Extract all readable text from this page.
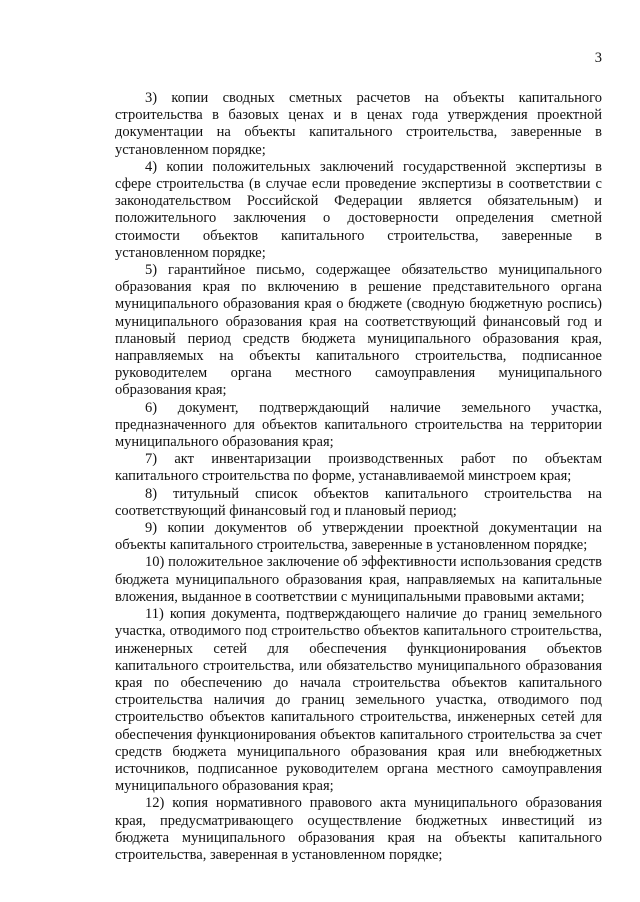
3

3) копии сводных сметных расчетов на объекты капитального строительства в базовых ценах и в ценах года утверждения проектной документации на объекты капитального строительства, заверенные в установленном порядке;

4) копии положительных заключений государственной экспертизы в сфере строительства (в случае если проведение экспертизы в соответствии с законодательством Российской Федерации является обязательным) и положительного заключения о достоверности определения сметной стоимости объектов капитального строительства, заверенные в установленном порядке;

5) гарантийное письмо, содержащее обязательство муниципального образования края по включению в решение представительного органа муниципального образования края о бюджете (сводную бюджетную роспись) муниципального образования края на соответствующий финансовый год и плановый период средств бюджета муниципального образования края, направляемых на объекты капитального строительства, подписанное руководителем органа местного самоуправления муниципального образования края;

6) документ, подтверждающий наличие земельного участка, предназначенного для объектов капитального строительства на территории муниципального образования края;

7) акт инвентаризации производственных работ по объектам капитального строительства по форме, устанавливаемой минстроем края;

8) титульный список объектов капитального строительства на соответствующий финансовый год и плановый период;

9) копии документов об утверждении проектной документации на объекты капитального строительства, заверенные в установленном порядке;

10) положительное заключение об эффективности использования средств бюджета муниципального образования края, направляемых на капитальные вложения, выданное в соответствии с муниципальными правовыми актами;

11) копия документа, подтверждающего наличие до границ земельного участка, отводимого под строительство объектов капитального строительства, инженерных сетей для обеспечения функционирования объектов капитального строительства, или обязательство муниципального образования края по обеспечению до начала строительства объектов капитального строительства наличия до границ земельного участка, отводимого под строительство объектов капитального строительства, инженерных сетей для обеспечения функционирования объектов капитального строительства за счет средств бюджета муниципального образования края или внебюджетных источников, подписанное руководителем органа местного самоуправления муниципального образования края;

12) копия нормативного правового акта муниципального образования края, предусматривающего осуществление бюджетных инвестиций из бюджета муниципального образования края на объекты капитального строительства, заверенная в установленном порядке;
